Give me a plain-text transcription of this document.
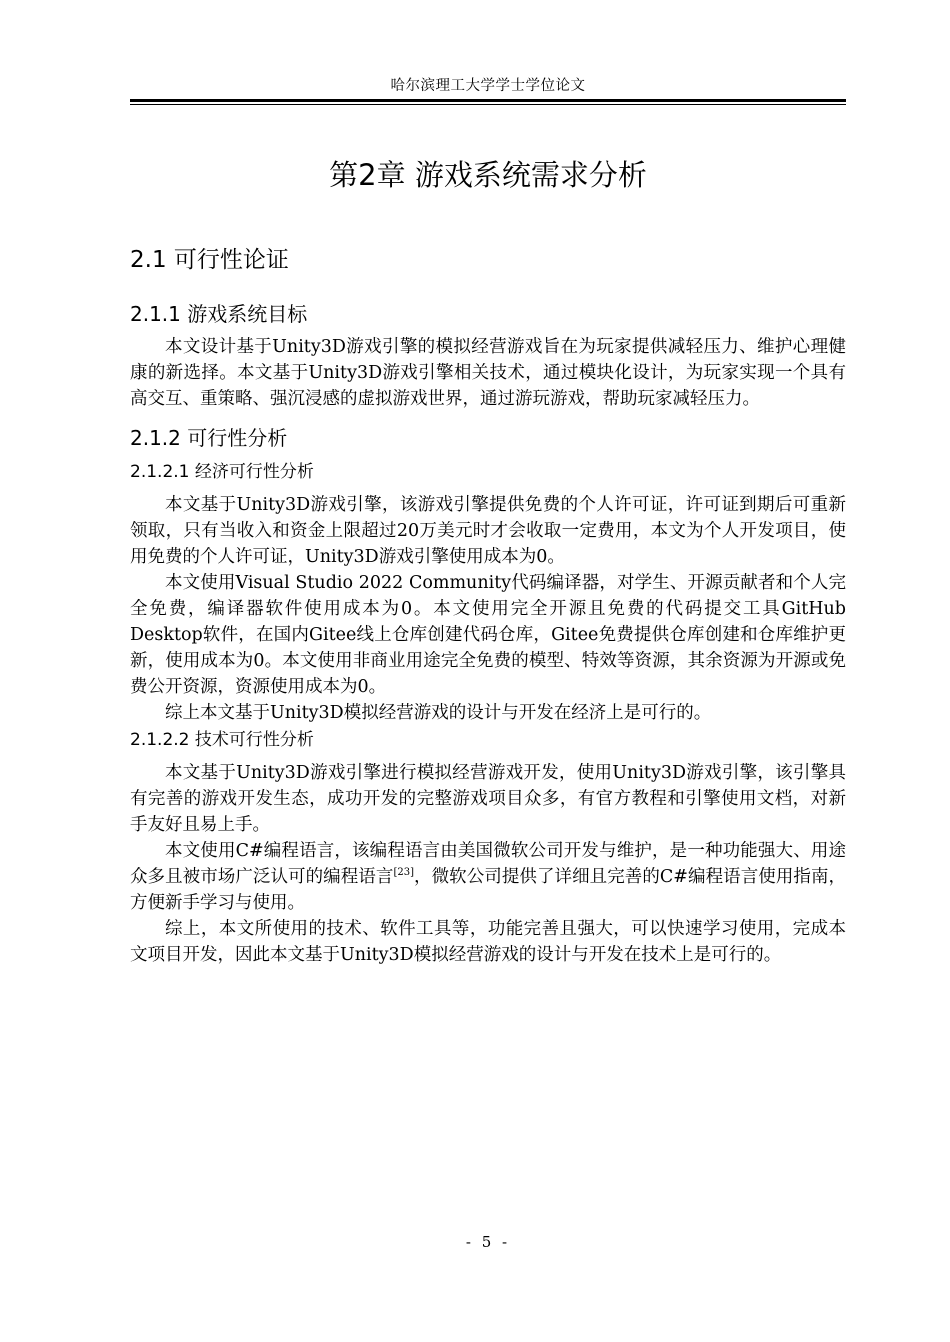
哈尔滨理工大学学士学位论文
第2章 游戏系统需求分析
2.1 可行性论证
2.1.1 游戏系统目标

本文设计基于Unity3D游戏引擎的模拟经营游戏旨在为玩家提供减轻压力、维护心理健康的新选择。本文基于Unity3D游戏引擎相关技术，通过模块化设计，为玩家实现一个具有高交互、重策略、强沉浸感的虚拟游戏世界，通过游玩游戏，帮助玩家减轻压力。

2.1.2 可行性分析
2.1.2.1 经济可行性分析

本文基于Unity3D游戏引擎，该游戏引擎提供免费的个人许可证，许可证到期后可重新领取，只有当收入和资金上限超过20万美元时才会收取一定费用，本文为个人开发项目，使用免费的个人许可证，Unity3D游戏引擎使用成本为0。

本文使用Visual Studio 2022 Community代码编译器，对学生、开源贡献者和个人完全免费，编译器软件使用成本为0。本文使用完全开源且免费的代码提交工具GitHub Desktop软件，在国内Gitee线上仓库创建代码仓库，Gitee免费提供仓库创建和仓库维护更新，使用成本为0。本文使用非商业用途完全免费的模型、特效等资源，其余资源为开源或免费公开资源，资源使用成本为0。

综上本文基于Unity3D模拟经营游戏的设计与开发在经济上是可行的。

2.1.2.2 技术可行性分析

本文基于Unity3D游戏引擎进行模拟经营游戏开发，使用Unity3D游戏引擎，该引擎具有完善的游戏开发生态，成功开发的完整游戏项目众多，有官方教程和引擎使用文档，对新手友好且易上手。

本文使用C#编程语言，该编程语言由美国微软公司开发与维护，是一种功能强大、用途众多且被市场广泛认可的编程语言[23]，微软公司提供了详细且完善的C#编程语言使用指南，方便新手学习与使用。

综上，本文所使用的技术、软件工具等，功能完善且强大，可以快速学习使用，完成本文项目开发，因此本文基于Unity3D模拟经营游戏的设计与开发在技术上是可行的。

- 5 -
